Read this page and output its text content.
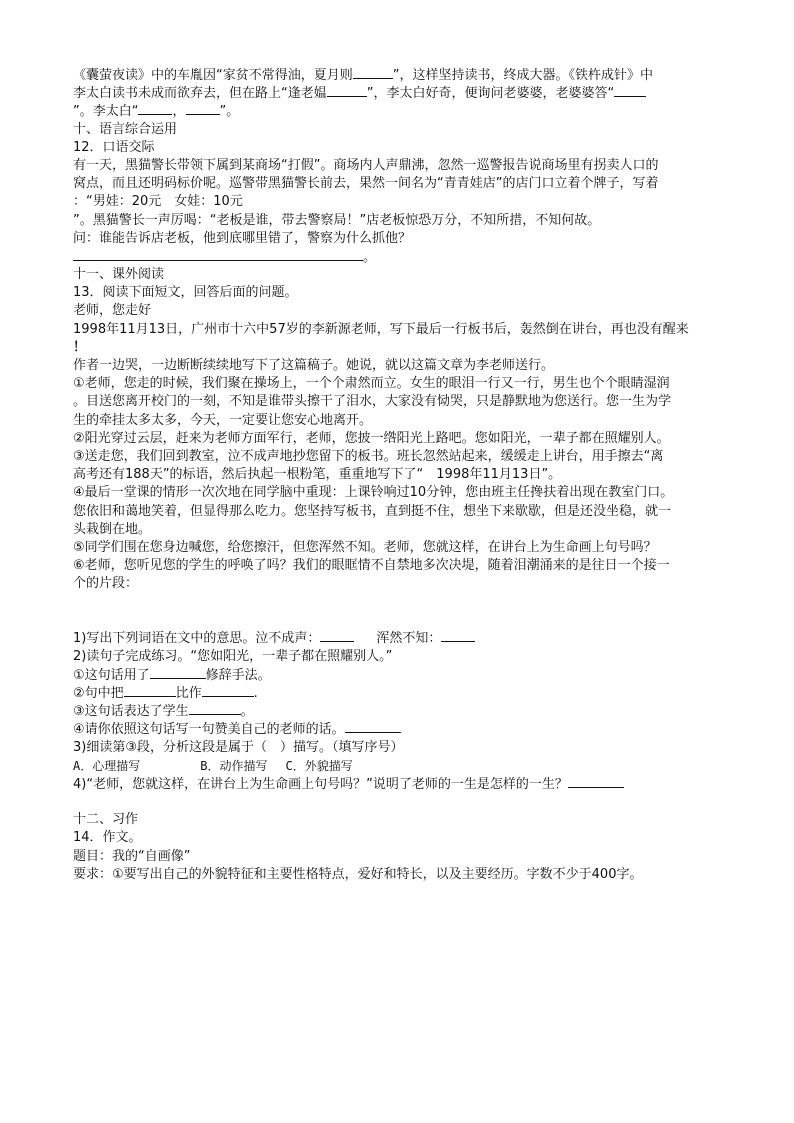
《囊萤夜读》中的车胤因“家贫不常得油，夏月则	”，这样坚持读书，终成大器。《铁杵成针》中
李太白读书未成而欲弃去，但在路上“逢老媪	”，李太白好奇，便询问老婆婆，老婆婆答“
”。李太白“	，	”。
十、语言综合运用
12．口语交际
有一天，黑猫警长带领下属到某商场“打假”。商场内人声鼎沸，忽然一巡警报告说商场里有拐卖人口的
窝点，而且还明码标价呢。巡警带黑猫警长前去，果然一间名为“青青娃店”的店门口立着个牌子，写着
：“男娃：20元　女娃：10元
”。黑猫警长一声厉喝：“老板是谁，带去警察局！”店老板惊恐万分，不知所措，不知何故。
问：谁能告诉店老板，他到底哪里错了，警察为什么抓他？
。
十一、课外阅读
13．阅读下面短文，回答后面的问题。
老师，您走好
1998年11月13日，广州市十六中57岁的李新源老师，写下最后一行板书后，轰然倒在讲台，再也没有醒来
！
作者一边哭，一边断断续续地写下了这篇稿子。她说，就以这篇文章为李老师送行。
①老师，您走的时候，我们聚在操场上，一个个肃然而立。女生的眼泪一行又一行，男生也个个眼睛湿润
。目送您离开校门的一刻，不知是谁带头擦干了泪水，大家没有恸哭，只是静默地为您送行。您一生为学
生的牵挂太多太多，今天，一定要让您安心地离开。
②阳光穿过云层，赶来为老师方面军行，老师，您披一绺阳光上路吧。您如阳光，一辈子都在照耀别人。
③送走您，我们回到教室，泣不成声地抄您留下的板书。班长忽然站起来，缓缓走上讲台，用手擦去“离
高考还有188天”的标语，然后执起一根粉笔，重重地写下了“　1998年11月13日”。
④最后一堂课的情形一次次地在同学脑中重现：上课铃响过10分钟，您由班主任搀扶着出现在教室门口。
您依旧和蔼地笑着，但显得那么吃力。您坚持写板书，直到挺不住，想坐下来歇歇，但是还没坐稳，就一
头栽倒在地。
⑤同学们围在您身边喊您，给您擦汗，但您浑然不知。老师，您就这样，在讲台上为生命画上句号吗？
⑥老师，您听见您的学生的呼唤了吗？我们的眼眶情不自禁地多次决堤，随着泪潮涌来的是往日一个接一
个的片段：
1)写出下列词语在文中的意思。泣不成声：	浑然不知：
2)读句子完成练习。“您如阳光，一辈子都在照耀别人。”
①这句话用了	修辞手法。
②句中把	比作	.
③这句话表达了学生	。
④请你依照这句话写一句赞美自己的老师的话。
3)细读第③段，分析这段是属于（　）描写。（填写序号）
A．心理描写	B．动作描写 C．外貌描写
4)“老师，您就这样，在讲台上为生命画上句号吗？”说明了老师的一生是怎样的一生？
十二、习作
14．作文。
题目：我的“自画像”
要求：①要写出自己的外貌特征和主要性格特点，爱好和特长，以及主要经历。字数不少于400字。
